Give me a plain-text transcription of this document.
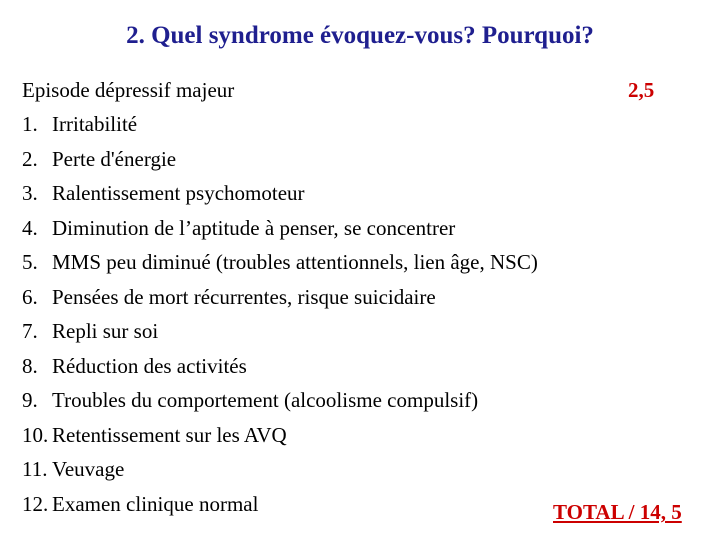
2. Quel syndrome évoquez-vous? Pourquoi?
Episode dépressif majeur	2,5
1. Irritabilité
2. Perte d'énergie
3. Ralentissement psychomoteur
4. Diminution de l’aptitude à penser, se concentrer
5. MMS peu diminué (troubles attentionnels, lien âge, NSC)
6. Pensées de mort récurrentes, risque suicidaire
7. Repli sur soi
8. Réduction des activités
9. Troubles du comportement (alcoolisme compulsif)
10. Retentissement sur les AVQ
11. Veuvage
12. Examen clinique normal	TOTAL / 14, 5
